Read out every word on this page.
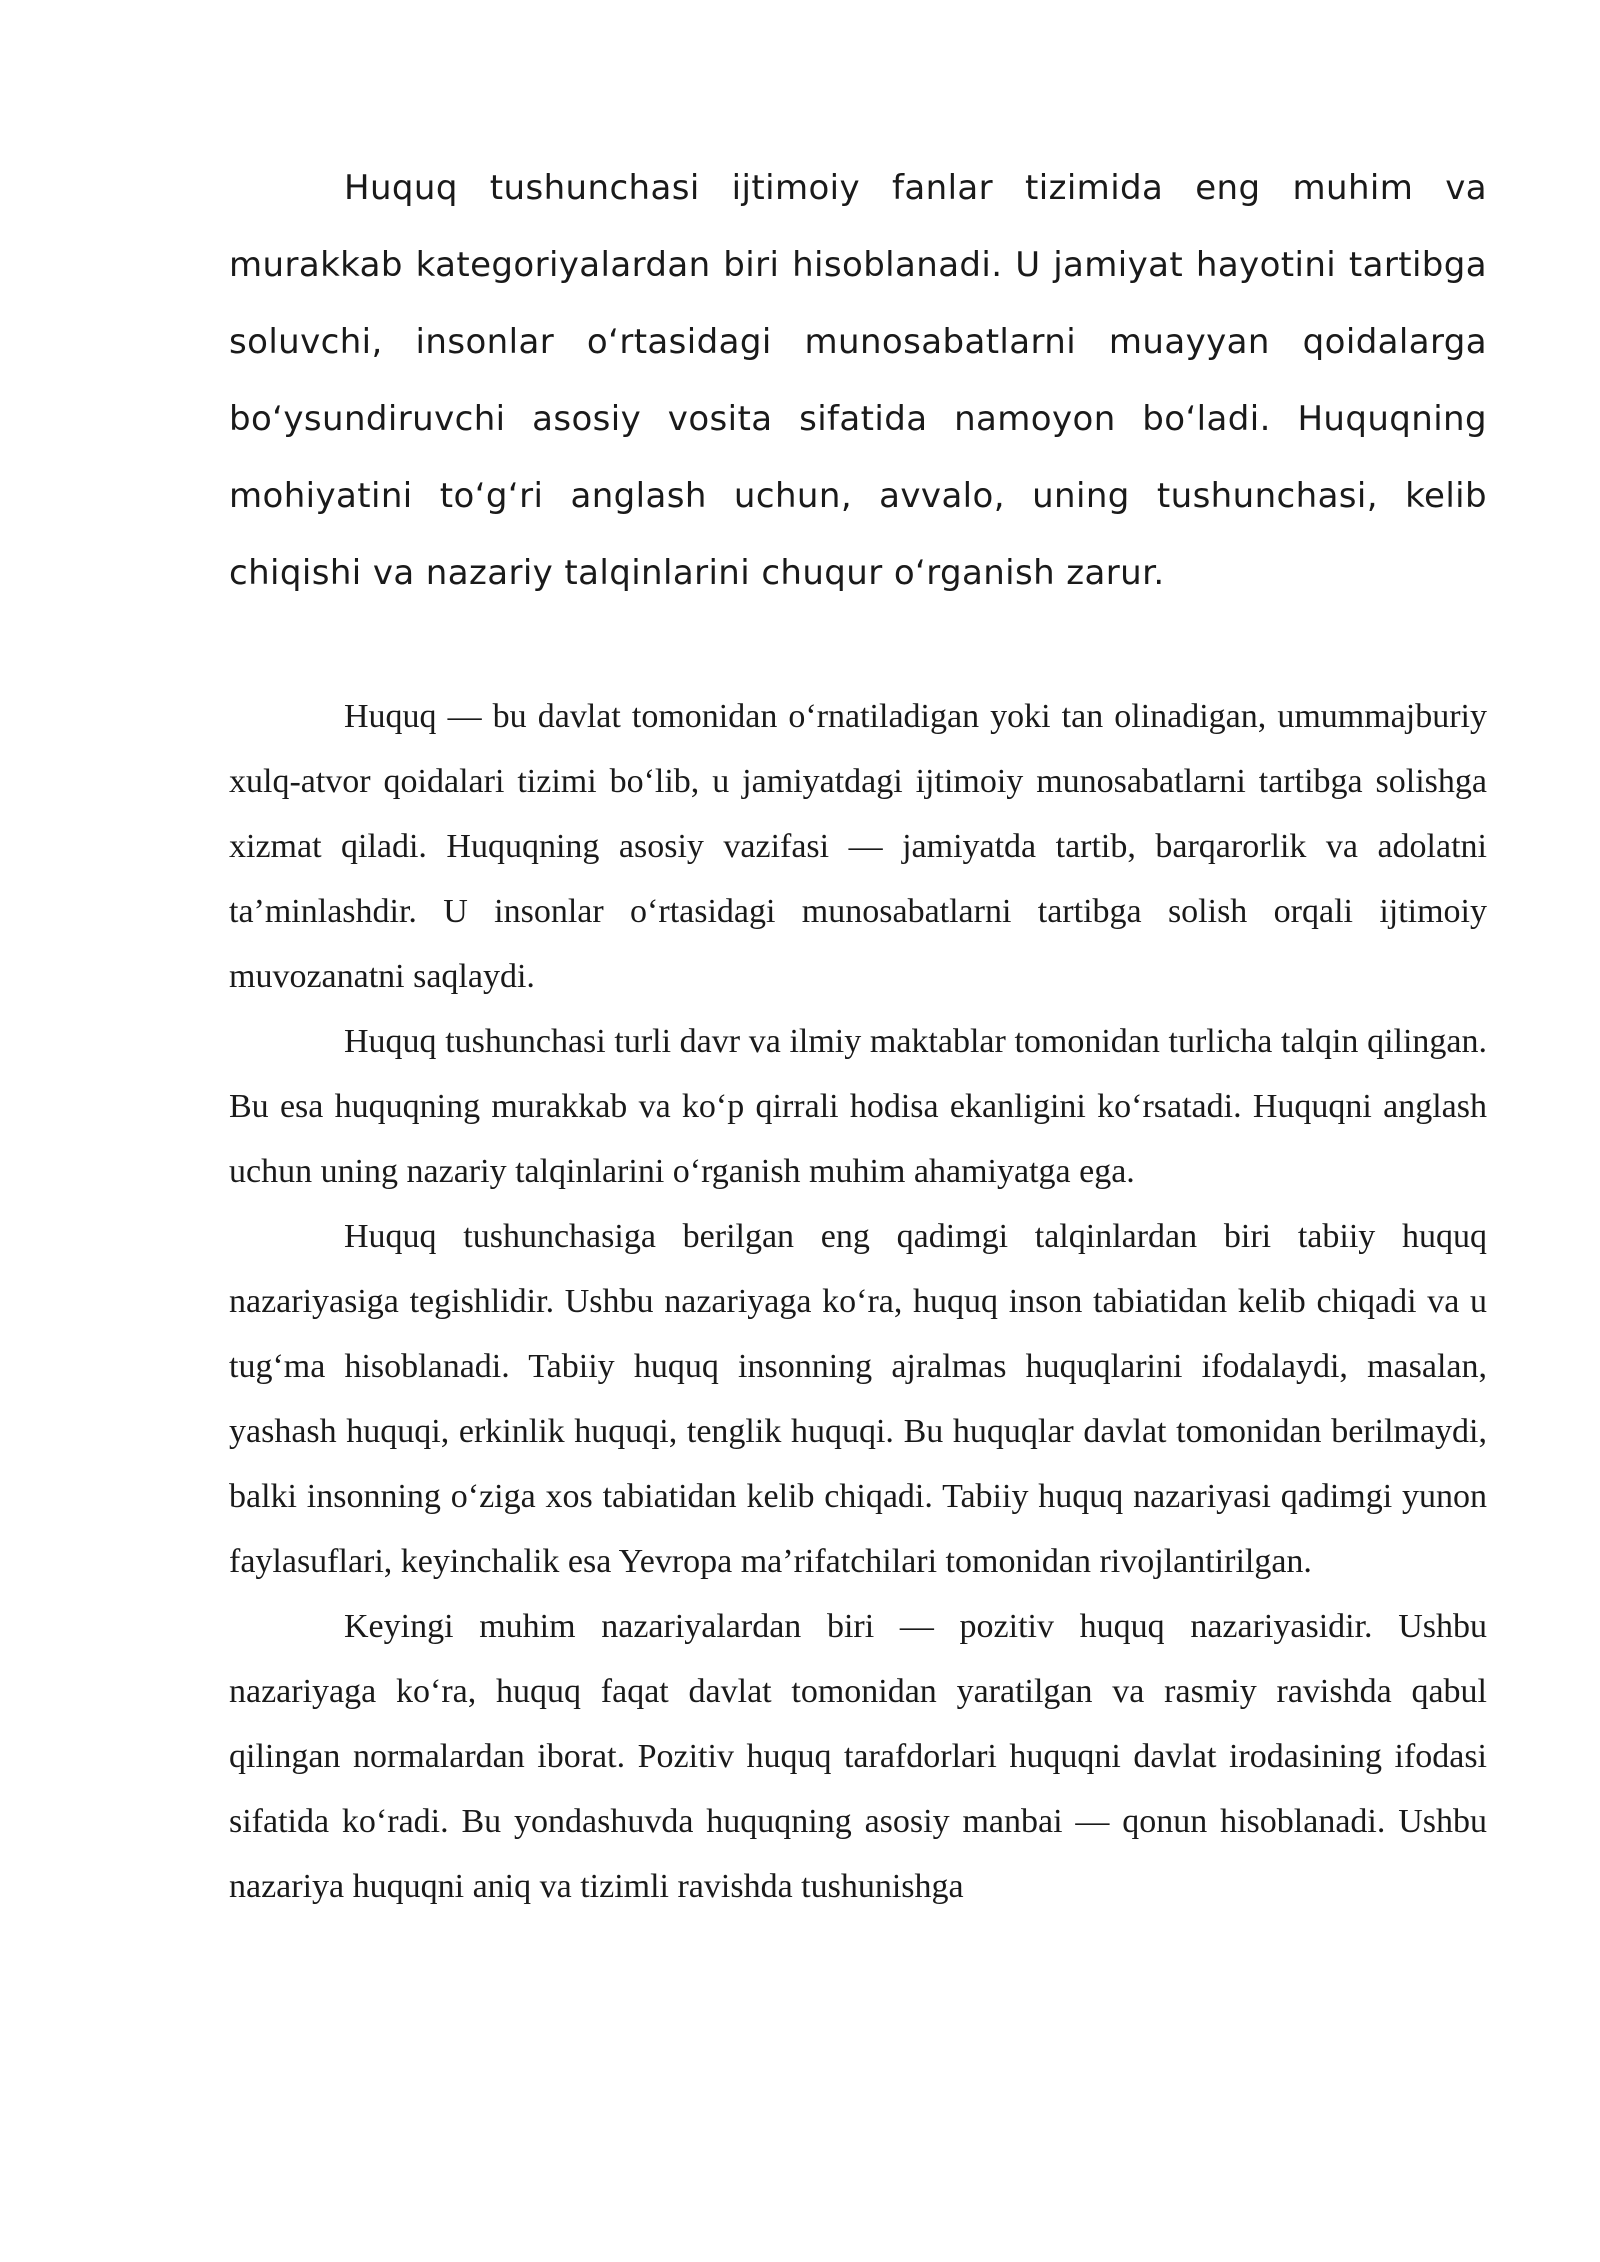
Huquq tushunchasi ijtimoiy fanlar tizimida eng muhim va murakkab kategoriyalardan biri hisoblanadi. U jamiyat hayotini tartibga soluvchi, insonlar o‘rtasidagi munosabatlarni muayyan qoidalarga bo‘ysundiruvchi asosiy vosita sifatida namoyon bo‘ladi. Huquqning mohiyatini to‘g‘ri anglash uchun, avvalo, uning tushunchasi, kelib chiqishi va nazariy talqinlarini chuqur o‘rganish zarur.

Huquq — bu davlat tomonidan o‘rnatiladigan yoki tan olinadigan, umummajburiy xulq-atvor qoidalari tizimi bo‘lib, u jamiyatdagi ijtimoiy munosabatlarni tartibga solishga xizmat qiladi. Huquqning asosiy vazifasi — jamiyatda tartib, barqarorlik va adolatni ta’minlashdir. U insonlar o‘rtasidagi munosabatlarni tartibga solish orqali ijtimoiy muvozanatni saqlaydi.

Huquq tushunchasi turli davr va ilmiy maktablar tomonidan turlicha talqin qilingan. Bu esa huquqning murakkab va ko‘p qirrali hodisa ekanligini ko‘rsatadi. Huquqni anglash uchun uning nazariy talqinlarini o‘rganish muhim ahamiyatga ega.

Huquq tushunchasiga berilgan eng qadimgi talqinlardan biri tabiiy huquq nazariyasiga tegishlidir. Ushbu nazariyaga ko‘ra, huquq inson tabiatidan kelib chiqadi va u tug‘ma hisoblanadi. Tabiiy huquq insonning ajralmas huquqlarini ifodalaydi, masalan, yashash huquqi, erkinlik huquqi, tenglik huquqi. Bu huquqlar davlat tomonidan berilmaydi, balki insonning o‘ziga xos tabiatidan kelib chiqadi. Tabiiy huquq nazariyasi qadimgi yunon faylasuflari, keyinchalik esa Yevropa ma’rifatchilari tomonidan rivojlantirilgan.

Keyingi muhim nazariyalardan biri — pozitiv huquq nazariyasidir. Ushbu nazariyaga ko‘ra, huquq faqat davlat tomonidan yaratilgan va rasmiy ravishda qabul qilingan normalardan iborat. Pozitiv huquq tarafdorlari huquqni davlat irodasining ifodasi sifatida ko‘radi. Bu yondashuvda huquqning asosiy manbai — qonun hisoblanadi. Ushbu nazariya huquqni aniq va tizimli ravishda tushunishga
